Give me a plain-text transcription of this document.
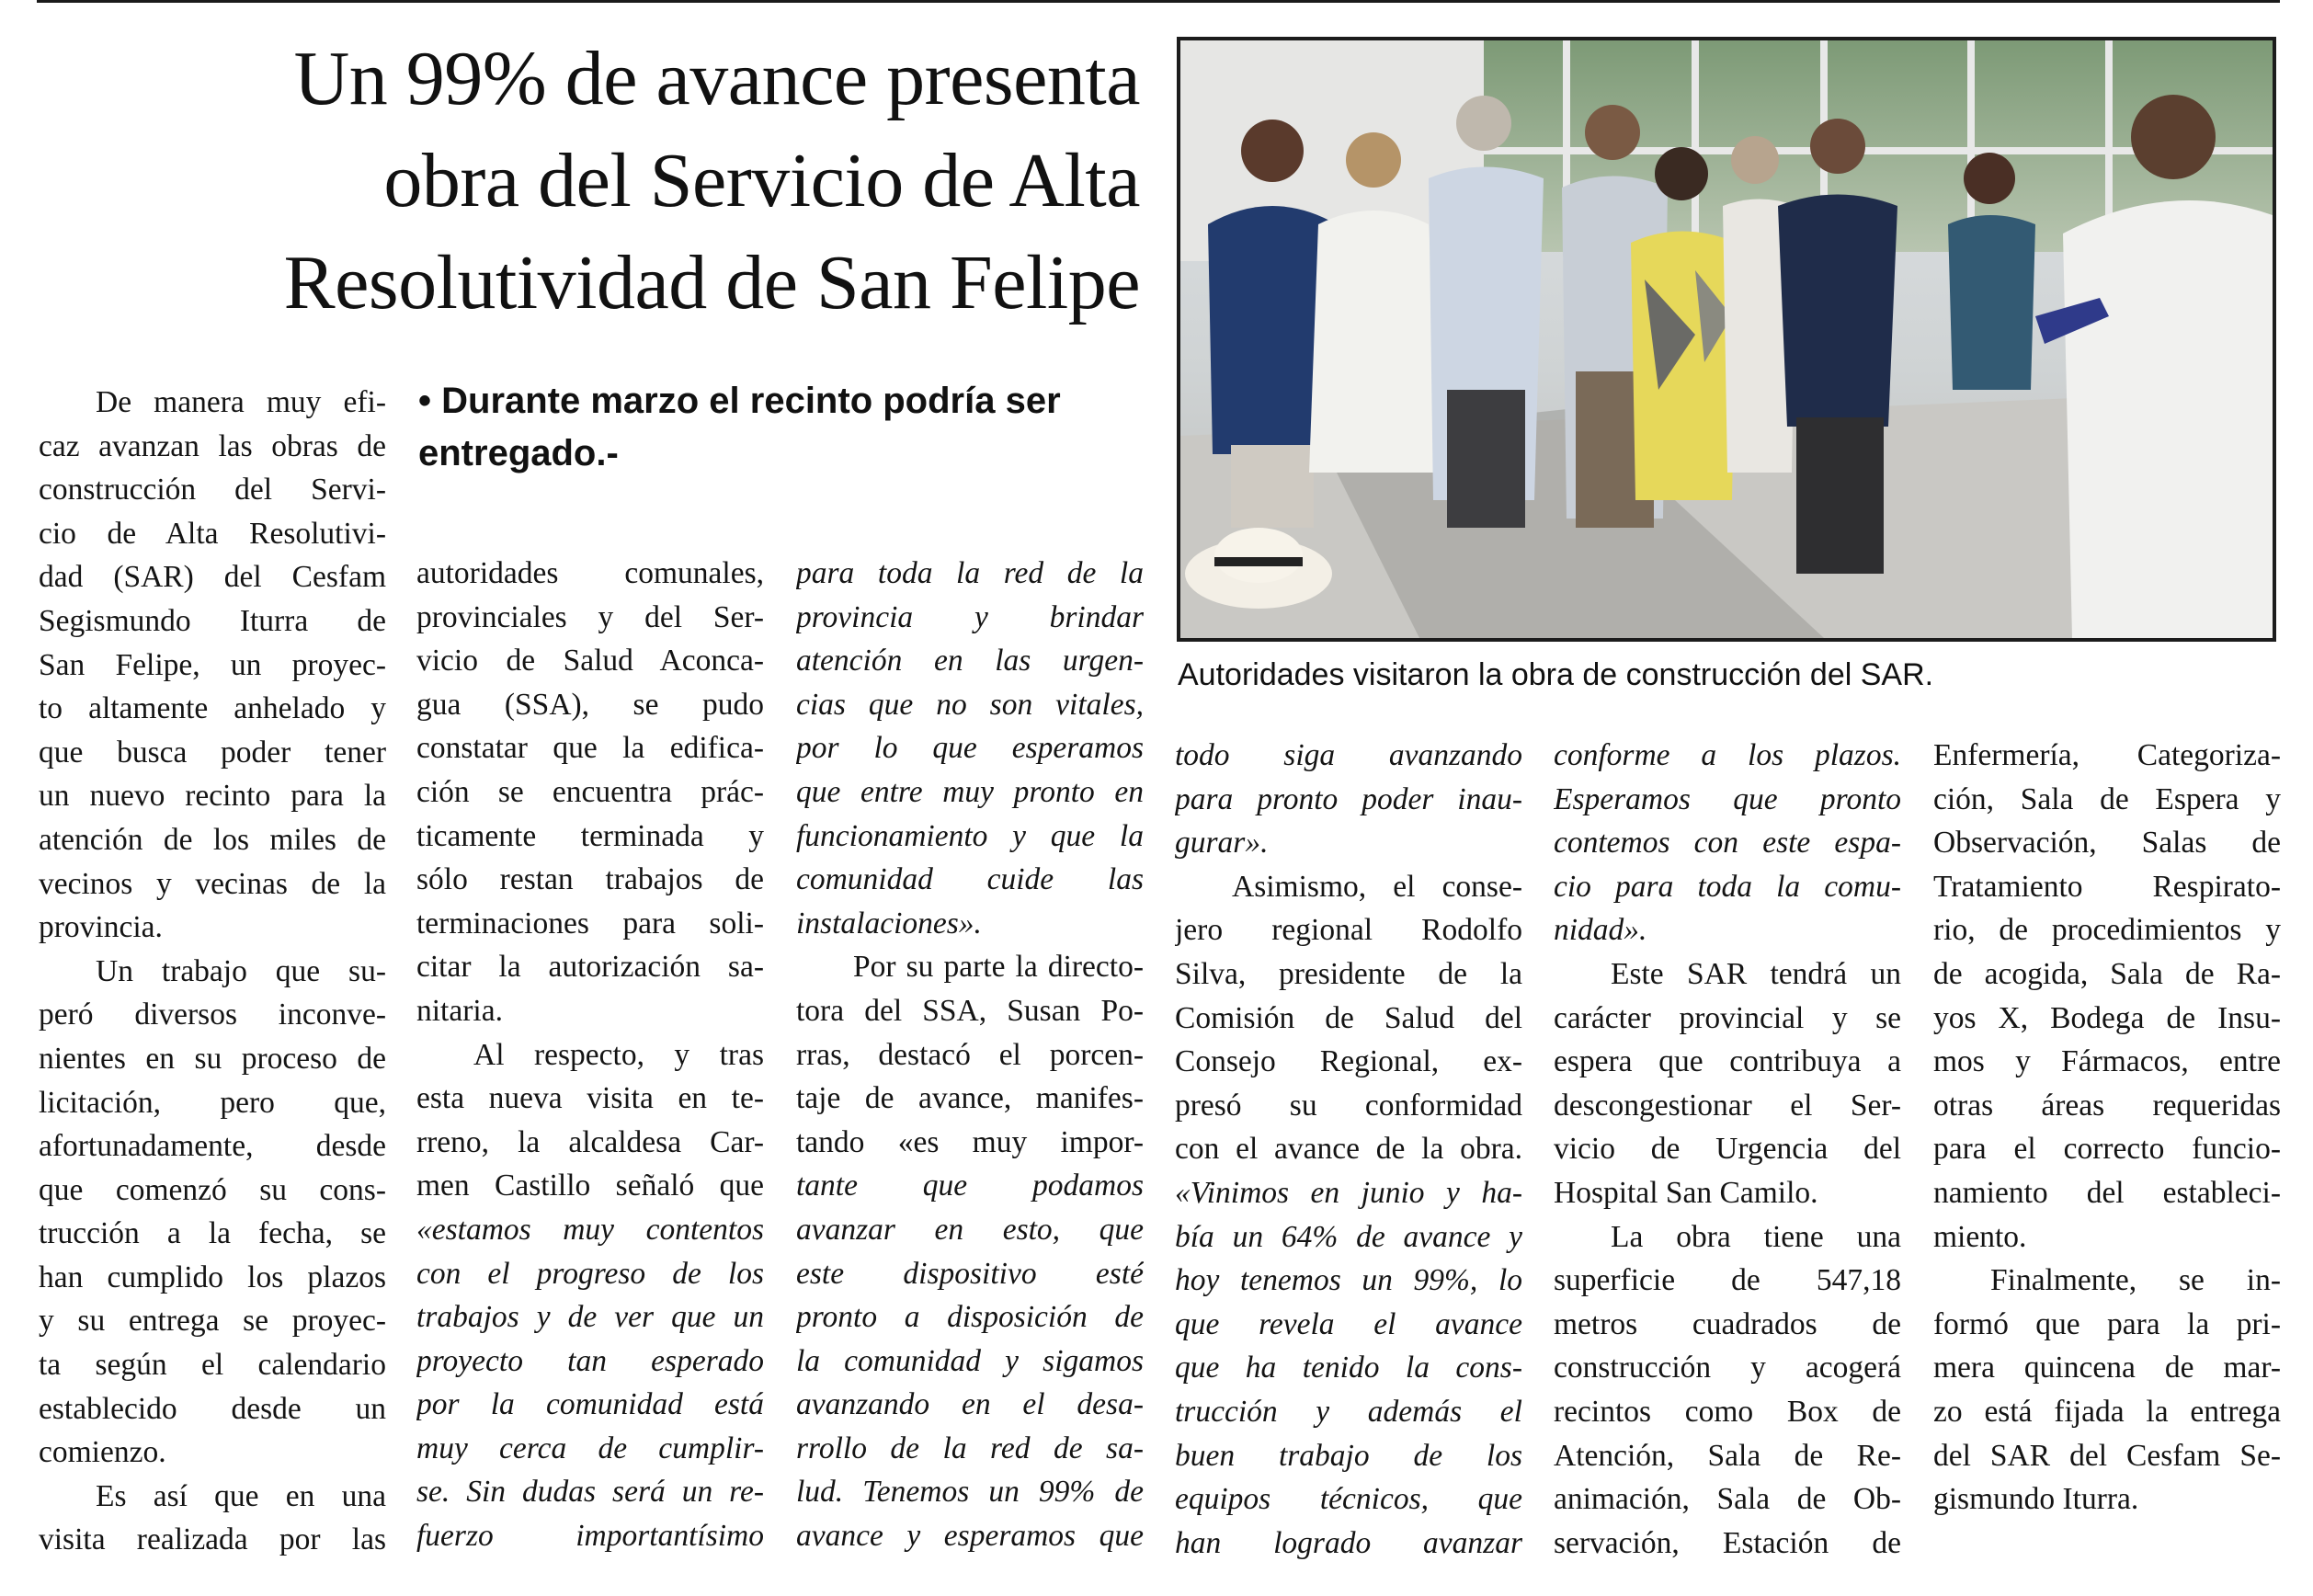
Un 99% de avance presenta
obra del Servicio de Alta
Resolutividad de San Felipe

• Durante marzo el recinto podría ser entregado.-

Autoridades visitaron la obra de construcción del SAR.

De manera muy efi-
caz avanzan las obras de
construcción del Servi-
cio de Alta Resolutivi-
dad (SAR) del Cesfam
Segismundo Iturra de
San Felipe, un proyec-
to altamente anhelado y
que busca poder tener
un nuevo recinto para la
atención de los miles de
vecinos y vecinas de la
provincia.
Un trabajo que su-
peró diversos inconve-
nientes en su proceso de
licitación, pero que,
afortunadamente, desde
que comenzó su cons-
trucción a la fecha, se
han cumplido los plazos
y su entrega se proyec-
ta según el calendario
establecido desde un
comienzo.
Es así que en una
visita realizada por las
autoridades comunales,
provinciales y del Ser-
vicio de Salud Aconca-
gua (SSA), se pudo
constatar que la edifica-
ción se encuentra prác-
ticamente terminada y
sólo restan trabajos de
terminaciones para soli-
citar la autorización sa-
nitaria.
Al respecto, y tras
esta nueva visita en te-
rreno, la alcaldesa Car-
men Castillo señaló que
«estamos muy contentos
con el progreso de los
trabajos y de ver que un
proyecto tan esperado
por la comunidad está
muy cerca de cumplir-
se. Sin dudas será un re-
fuerzo importantísimo
para toda la red de la
provincia y brindar
atención en las urgen-
cias que no son vitales,
por lo que esperamos
que entre muy pronto en
funcionamiento y que la
comunidad cuide las
instalaciones».
Por su parte la directo-
tora del SSA, Susan Po-
rras, destacó el porcen-
taje de avance, manifes-
tando «es muy impor-
tante que podamos
avanzar en esto, que
este dispositivo esté
pronto a disposición de
la comunidad y sigamos
avanzando en el desa-
rrollo de la red de sa-
lud. Tenemos un 99% de
avance y esperamos que
todo siga avanzando
para pronto poder inau-
gurar».
Asimismo, el conse-
jero regional Rodolfo
Silva, presidente de la
Comisión de Salud del
Consejo Regional, ex-
presó su conformidad
con el avance de la obra.
«Vinimos en junio y ha-
bía un 64% de avance y
hoy tenemos un 99%, lo
que revela el avance
que ha tenido la cons-
trucción y además el
buen trabajo de los
equipos técnicos, que
han logrado avanzar
conforme a los plazos.
Esperamos que pronto
contemos con este espa-
cio para toda la comu-
nidad».
Este SAR tendrá un
carácter provincial y se
espera que contribuya a
descongestionar el Ser-
vicio de Urgencia del
Hospital San Camilo.
La obra tiene una
superficie de 547,18
metros cuadrados de
construcción y acogerá
recintos como Box de
Atención, Sala de Re-
animación, Sala de Ob-
servación, Estación de
Enfermería, Categoriza-
ción, Sala de Espera y
Observación, Salas de
Tratamiento Respirato-
rio, de procedimientos y
de acogida, Sala de Ra-
yos X, Bodega de Insu-
mos y Fármacos, entre
otras áreas requeridas
para el correcto funcio-
namiento del estableci-
miento.
Finalmente, se in-
formó que para la pri-
mera quincena de mar-
zo está fijada la entrega
del SAR del Cesfam Se-
gismundo Iturra.
